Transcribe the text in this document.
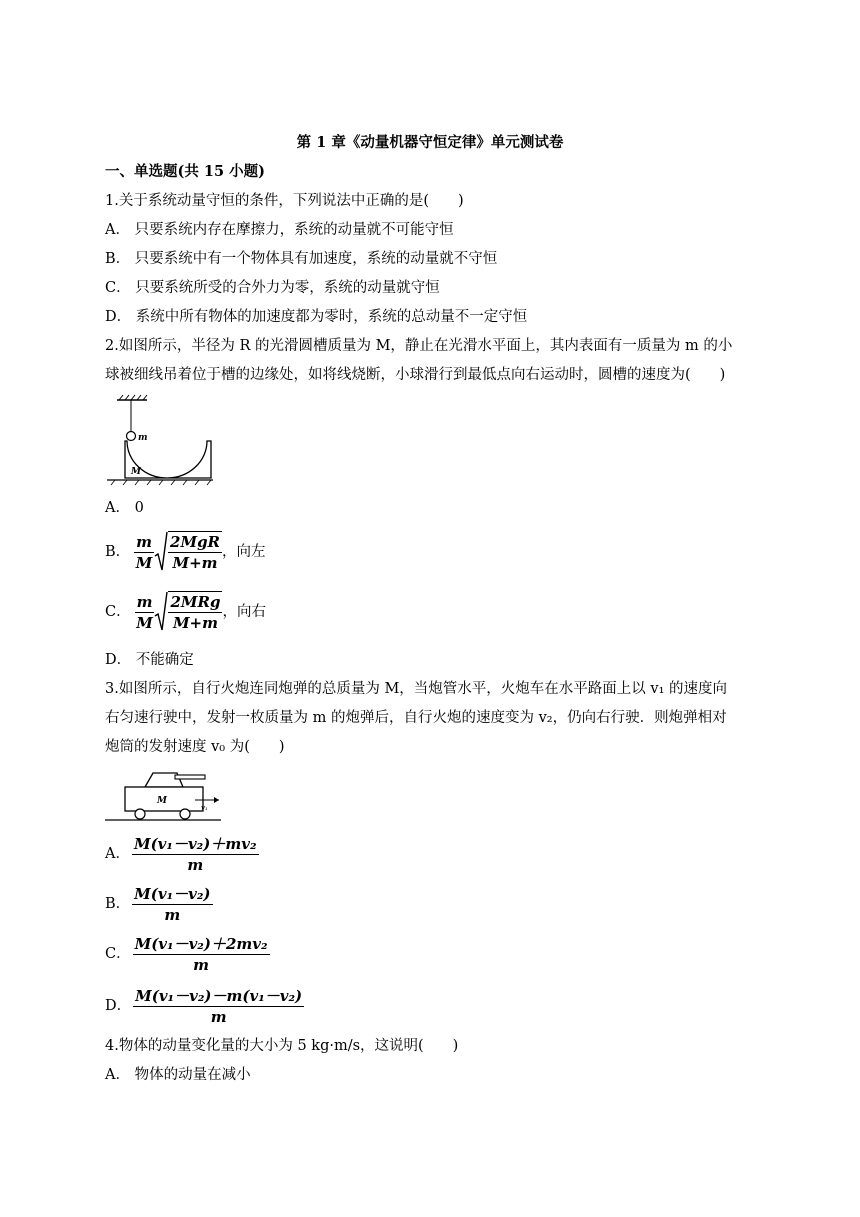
第 1 章《动量机器守恒定律》单元测试卷
一、单选题(共 15 小题)
1.关于系统动量守恒的条件，下列说法中正确的是(　　)
A． 只要系统内存在摩擦力，系统的动量就不可能守恒
B． 只要系统中有一个物体具有加速度，系统的动量就不守恒
C． 只要系统所受的合外力为零，系统的动量就守恒
D． 系统中所有物体的加速度都为零时，系统的总动量不一定守恒
2.如图所示，半径为 R 的光滑圆槽质量为 M，静止在光滑水平面上，其内表面有一质量为 m 的小
球被细线吊着位于槽的边缘处，如将线烧断，小球滑行到最低点向右运动时，圆槽的速度为(　　)
m
M
A． 0
B． $\frac{m}{M} \frac{\text{2MgR}}{M+m}$ ，向左
C． $\frac{m}{M} \frac{\text{2MRg}}{M+m}$ ，向右
D． 不能确定
3.如图所示，自行火炮连同炮弹的总质量为 M，当炮管水平，火炮车在水平路面上以 v₁ 的速度向
右匀速行驶中，发射一枚质量为 m 的炮弹后，自行火炮的速度变为 v₂，仍向右行驶．则炮弹相对
炮筒的发射速度 v₀ 为(　　)
M
v₁
A． $\frac{\text{M(v₁－v₂)＋mv₂}}{m}$
B． $\frac{\text{M(v₁－v₂)}}{m}$
C． $\frac{\text{M(v₁－v₂)＋2mv₂}}{m}$
D． $\frac{\text{M(v₁－v₂)－m(v₁－v₂)}}{m}$
4.物体的动量变化量的大小为 5 kg·m/s，这说明(　　)
A． 物体的动量在减小
